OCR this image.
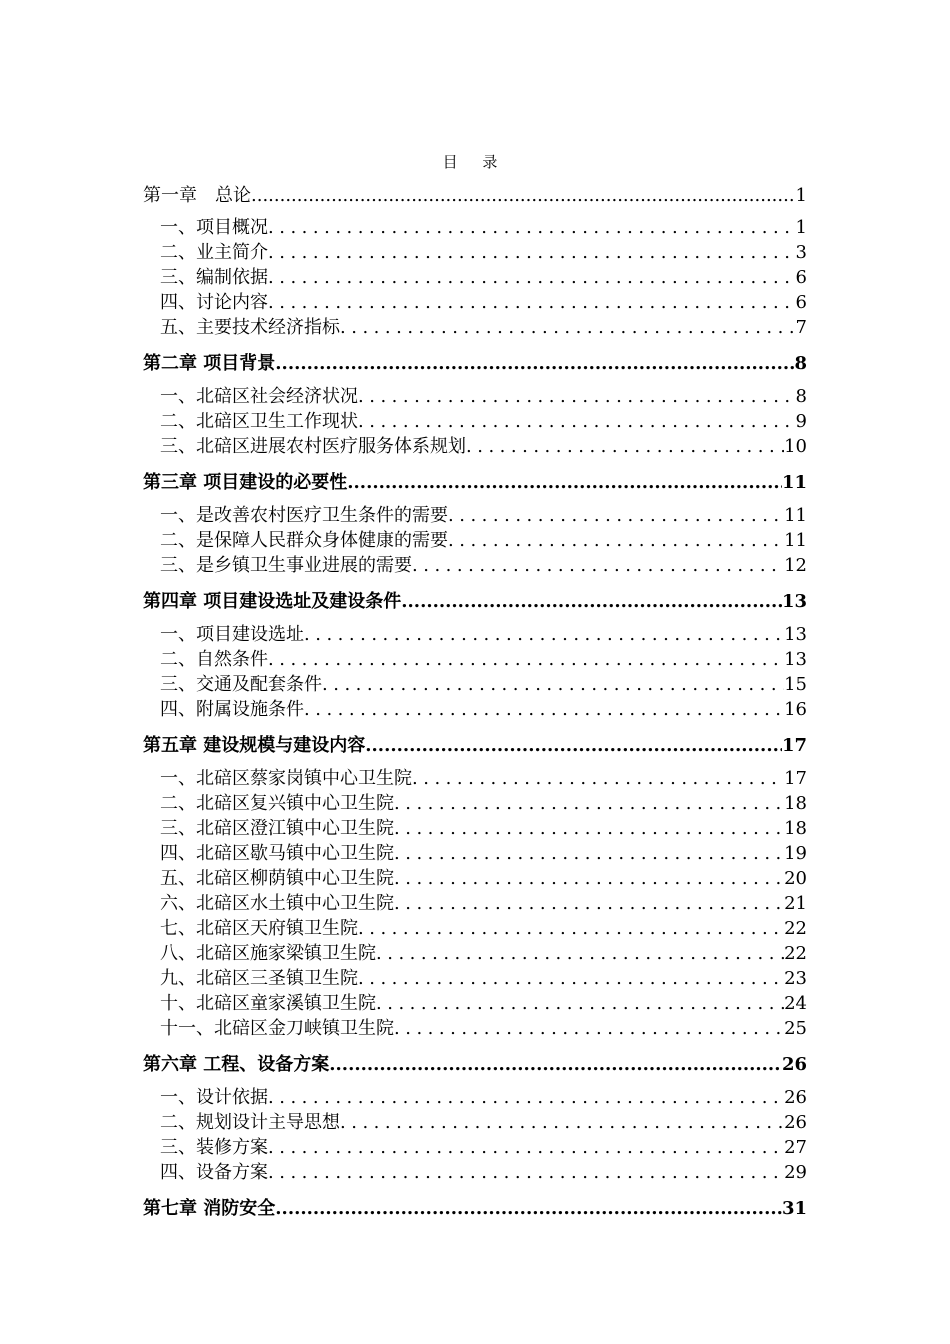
目 录
第一章　总论 .....	1
一、项目概况 .....	1
二、业主简介 .....	3
三、编制依据 .....	6
四、讨论内容 .....	6
五、主要技术经济指标 .....	7
第二章 项目背景 .....	8
一、北碚区社会经济状况 .....	8
二、北碚区卫生工作现状 .....	9
三、北碚区进展农村医疗服务体系规划 .....	10
第三章 项目建设的必要性 .....	11
一、是改善农村医疗卫生条件的需要 .....	11
二、是保障人民群众身体健康的需要 .....	11
三、是乡镇卫生事业进展的需要 .....	12
第四章 项目建设选址及建设条件 .....	13
一、项目建设选址 .....	13
二、自然条件 .....	13
三、交通及配套条件 .....	15
四、附属设施条件 .....	16
第五章 建设规模与建设内容 .....	17
一、北碚区蔡家岗镇中心卫生院 .....	17
二、北碚区复兴镇中心卫生院 .....	18
三、北碚区澄江镇中心卫生院 .....	18
四、北碚区歇马镇中心卫生院 .....	19
五、北碚区柳荫镇中心卫生院 .....	20
六、北碚区水土镇中心卫生院 .....	21
七、北碚区天府镇卫生院 .....	22
八、北碚区施家梁镇卫生院 .....	22
九、北碚区三圣镇卫生院 .....	23
十、北碚区童家溪镇卫生院 .....	24
十一、北碚区金刀峡镇卫生院 .....	25
第六章 工程、设备方案 .....	26
一、设计依据 .....	26
二、规划设计主导思想 .....	26
三、装修方案 .....	27
四、设备方案 .....	29
第七章 消防安全 .....	31
